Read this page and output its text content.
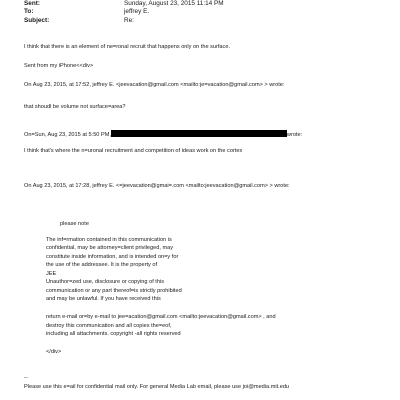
Sent:	Sunday, August 23, 2015 11:14 PM
To:	jeffrey E.
Subject:	Re:
I think that there is an element of ne=ronal recruit that happens only on the surface.
Sent from my iPhone<<div>
On Aug 23, 2015, at 17:52, jeffrey E. <jeevacation@gmail.com <mailto:je=vacation@gmail.com> > wrote:
that shoudl be volume not surface=area?
On=Sun, Aug 23, 2015 at 5:50 PM,	wrote:
I think that's where the n=uronal recruitment and competition of ideas work on the cortex
On Aug 23, 2015, at 17:28, jeffrey E. <=jeevacation@gmai=.com <mailto:jeevacation@gmail.com> > wrote:
please note
The inf=rmation contained in this communication is
confidential, may be attorney=client privileged, may
constitute inside information, and is intended on=y for
the use of the addressee. It is the property of
JEE
Unauthor=zed use, disclosure or copying of this
communication or any part thereof=is strictly prohibited
and may be unlawful. If you have received this
return e-mail or=by e-mail to jee=acation@gmail.com <mailto:jeevacation@gmail.com> , and
destroy this communication and all copies the=eof,
including all attachments. copyright -all rights reserved
</div>
--
Please use this e=ail for confidential mail only. For general Media Lab email, please use joi@media.mit.edu
